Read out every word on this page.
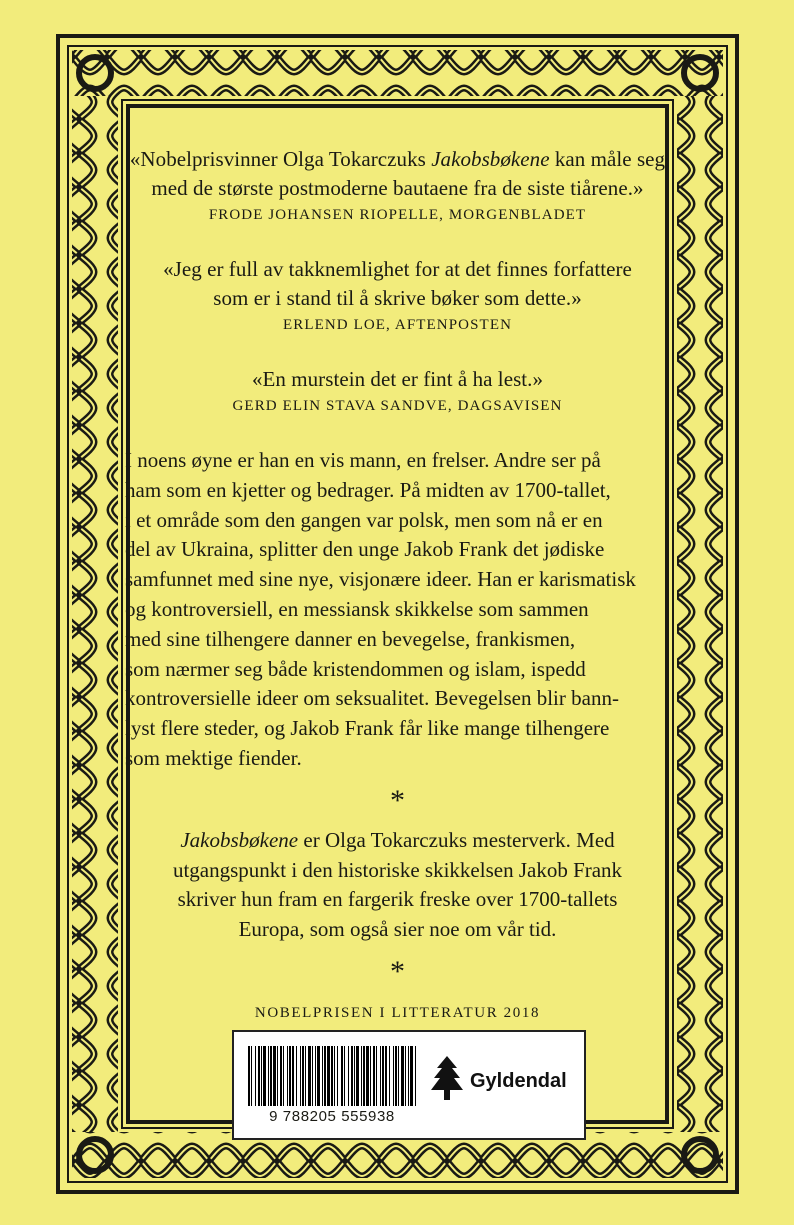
«Nobelprisvinner Olga Tokarczuks Jakobsbøkene kan måle seg
med de største postmoderne bautaene fra de siste tiårene.»
FRODE JOHANSEN RIOPELLE, MORGENBLADET
«Jeg er full av takknemlighet for at det finnes forfattere
som er i stand til å skrive bøker som dette.»
ERLEND LOE, AFTENPOSTEN
«En murstein det er fint å ha lest.»
GERD ELIN STAVA SANDVE, DAGSAVISEN
I noens øyne er han en vis mann, en frelser. Andre ser på
ham som en kjetter og bedrager. På midten av 1700-tallet,
i et område som den gangen var polsk, men som nå er en
del av Ukraina, splitter den unge Jakob Frank det jødiske
samfunnet med sine nye, visjonære ideer. Han er karismatisk
og kontroversiell, en messiansk skikkelse som sammen
med sine tilhengere danner en bevegelse, frankismen,
som nærmer seg både kristendommen og islam, ispedd
kontroversielle ideer om seksualitet. Bevegelsen blir bann-
lyst flere steder, og Jakob Frank får like mange tilhengere
som mektige fiender.
*
Jakobsbøkene er Olga Tokarczuks mesterverk. Med
utgangspunkt i den historiske skikkelsen Jakob Frank
skriver hun fram en fargerik freske over 1700-tallets
Europa, som også sier noe om vår tid.
*
NOBELPRISEN I LITTERATUR 2018
9 788205 555938
Gyldendal
